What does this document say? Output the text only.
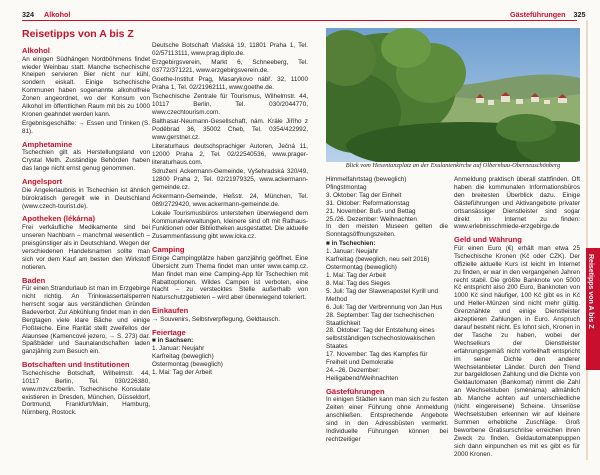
324 Alkohol	Gästeführungen 325
Reisetipps von A bis Z
Alkohol

An einigen Südhängen Nordböhmens findet wieder Weinbau statt. Manche tschechische Kneipen servieren Bier nicht nur kühl, sondern eiskalt. Einige tschechische Kommunen haben sogenannte alkoholfreie Zonen angeordnet, wo der Konsum von Alkohol im öffentlichen Raum mit bis zu 1000 Kronen geahndet werden kann.

Ergebnisgeschäfte: → Essen und Trinken (S. 81).

Amphetamine

Tschechien gilt als Herstellungsland von Crystal Meth. Zuständige Behörden haben das lange nicht ernst genug genommen.

Angelsport

Die Angelerlaubnis in Tschechien ist ähnlich bürokratisch geregelt wie in Deutschland (www.czech-tourist.de).

Apotheken (lékárna)

Frei verkäufliche Medikamente sind bei unseren Nachbarn – manchmal wesentlich – preisgünstiger als in Deutschland. Wegen der verschiedenen Handelsnamen sollte man sich vor dem Kauf am besten den Wirkstoff notieren.

Baden

Für einen Strandurlaub ist man im Erzgebirge nicht richtig. An Trinkwassertalsperren herrscht sogar aus verständlichen Gründen Badeverbot. Zur Abkühlung findet man in den Bergtagen viele klare Bäche und einige Floßteiche. Eine Rarität stellt zweifellos der Alaunsee (Kamencové jezero, → S. 273) dar. Spaßbäder und Saunalandschaften laden ganzjährig zum Besuch ein.

Botschaften und Institutionen

Tschechische Botschaft, Wilhelmstr. 44, 10117 Berlin, Tel. 030/226380, www.mzv.cz/berlin. Tschechische Konsulate existieren in Dresden, München, Düsseldorf, Dortmund, Frankfurt/Main, Hamburg, Nürnberg, Rostock.

Deutsche Botschaft Vlašská 19, 11801 Praha 1, Tel. 02/57113111, www.prag.diplo.de.

Erzgebirgsverein, Markt 6, Schneeberg, Tel. 03772/371221, www.erzgebirgsverein.de.

Goethe-Institut Prag, Masarykovo nábř. 32, 11000 Praha 1, Tel. 02/21962111, www.goethe.de.

Tschechische Zentrale für Tourismus, Wilhelmstr. 44, 10117 Berlin, Tel. 030/2044770, www.czechtourism.com.

Balthasar-Neumann-Gesellschaft, nám. Krále Jiřího z Poděbrad 36, 35002 Cheb, Tel. 0354/422992, www.gerstner.cz.

Literaturhaus deutschsprachiger Autoren, Ječná 11, 12000 Praha 2, Tel. 02/22540536, www.prager-literaturhaus.com.

Sdružení Ackermann-Gemeinde, Vyšehradská 320/49, 12800 Praha 2, Tel. 02/21979325, www.ackermann-gemeinde.cz.

Ackermann-Gemeinde, Heßstr. 24, München, Tel. 089/2729420, www.ackermann-gemeinde.de.

Lokale Tourismusbüros unterstehen überwiegend dem Kommunalverwaltungen, kleinere sind oft mit Rathaus-Funktionen oder Bibliotheken ausgestattet. Die aktuelle Zusammenfassung gibt www.icka.cz.

Camping

Einige Campingplätze haben ganzjährig geöffnet. Eine Übersicht zum Thema findet man unter www.camp.cz. Man findet man eine Camping-App für Tschechien mit Rabattoptionen. Wildes Campen ist verboten, eine Nacht – zu verstecktes Stelle außerhalb von Naturschutzgebieten – wird aber überwiegend toleriert.

Einkaufen

→ Souvenirs, Selbstverpflegung, Geldtausch.

Feiertage
■ in Sachsen:
1. Januar: Neujahr
Karfreitag (beweglich)
Ostermontag (beweglich)
1. Mai: Tag der Arbeit
Blick vom Hexentanzplatz an der Exulantenkirche auf Olbernhau-Oberneuschönberg
Himmelfahrtstag (beweglich)
Pfingstmontag
3. Oktober: Tag der Einheit
31. Oktober: Reformationstag
21. November: Buß- und Bettag
25./26. Dezember: Weihnachten

In den meisten Museen gelten die Sonntagsöffnungszeiten.

■ in Tschechien:
1. Januar: Neujahr
Karfreitag (beweglich, neu seit 2016)
Ostermontag (beweglich)
1. Mai: Tag der Arbeit
8. Mai: Tag des Sieges
5. Juli: Tag der Slawenapostel Kyrill und Method
6. Juli: Tag der Verbrennung von Jan Hus
28. September: Tag der tschechischen Staatlichkeit
28. Oktober: Tag der Entstehung eines selbstständigen tschechoslowakischen Staates
17. November: Tag des Kampfes für Freiheit und Demokratie
24.–26. Dezember: Heiligabend/Weihnachten
Gästeführungen

In einigen Städten kann man sich zu festen Zeiten einer Führung ohne Anmeldung anschließen. Entsprechende Angebote sind in den Adressbüsten vermerkt. Individuelle Führungen können bei rechtzeitiger

Anmeldung praktisch überall stattfinden. Oft haben die kommunalen Informationsbüros den breitesten Überblick dazu. Einige Gästeführungen und Aktivangebote privater ortsansässiger Dienstleister sind sogar direkt im Internet zu finden: www.erlebnisschmiede-erzgebirge.de

Geld und Währung

Für einen Euro (€) erhält man etwa 25 Tschechische Kronen (Kč oder CZK). Der offizielle aktuelle Kurs ist leicht im Internet zu finden, er war in den vergangenen Jahren recht stabil. Die größte Banknote von 5000 Kč entspricht also 200 Euro, Banknoten von 1000 Kč sind häufiger, 100 Kč gibt es in Kč und Heller-Münzen sind nicht mehr gültig. Grenznähkte und einige Dienstleister akzeptieren Zahlungen in Euro. Anspruch darauf besteht nicht. Es lohnt sich, Kronen in der Tasche zu haben, wobei der Wechselkurs der Dienstleister erfahrungsgemäß nicht vorteilhaft entspricht im seiner Dichte den anderer Wechselanbieter Länder. Durch den Trend zur bargeldlosen Zahlung und die Dichte von Geldautomaten (Bankomat) nimmt die Zahl an Wechselstuben (směnárna) allmählich ab. Manche achten auf unterschiedliche (nicht eingereisene) Scheine. Unseriöse Wechselstuben erkennen wir auf kleinere Summen erhebliche Zuschläge. Groß beworbene Gratisurschrilse erreichen ihren Zweck zu finden. Geldautomatenpuppen sich dann einpunchen es mit es gibt es für 2000 Kronen.

Reisetipps von A bis Z
